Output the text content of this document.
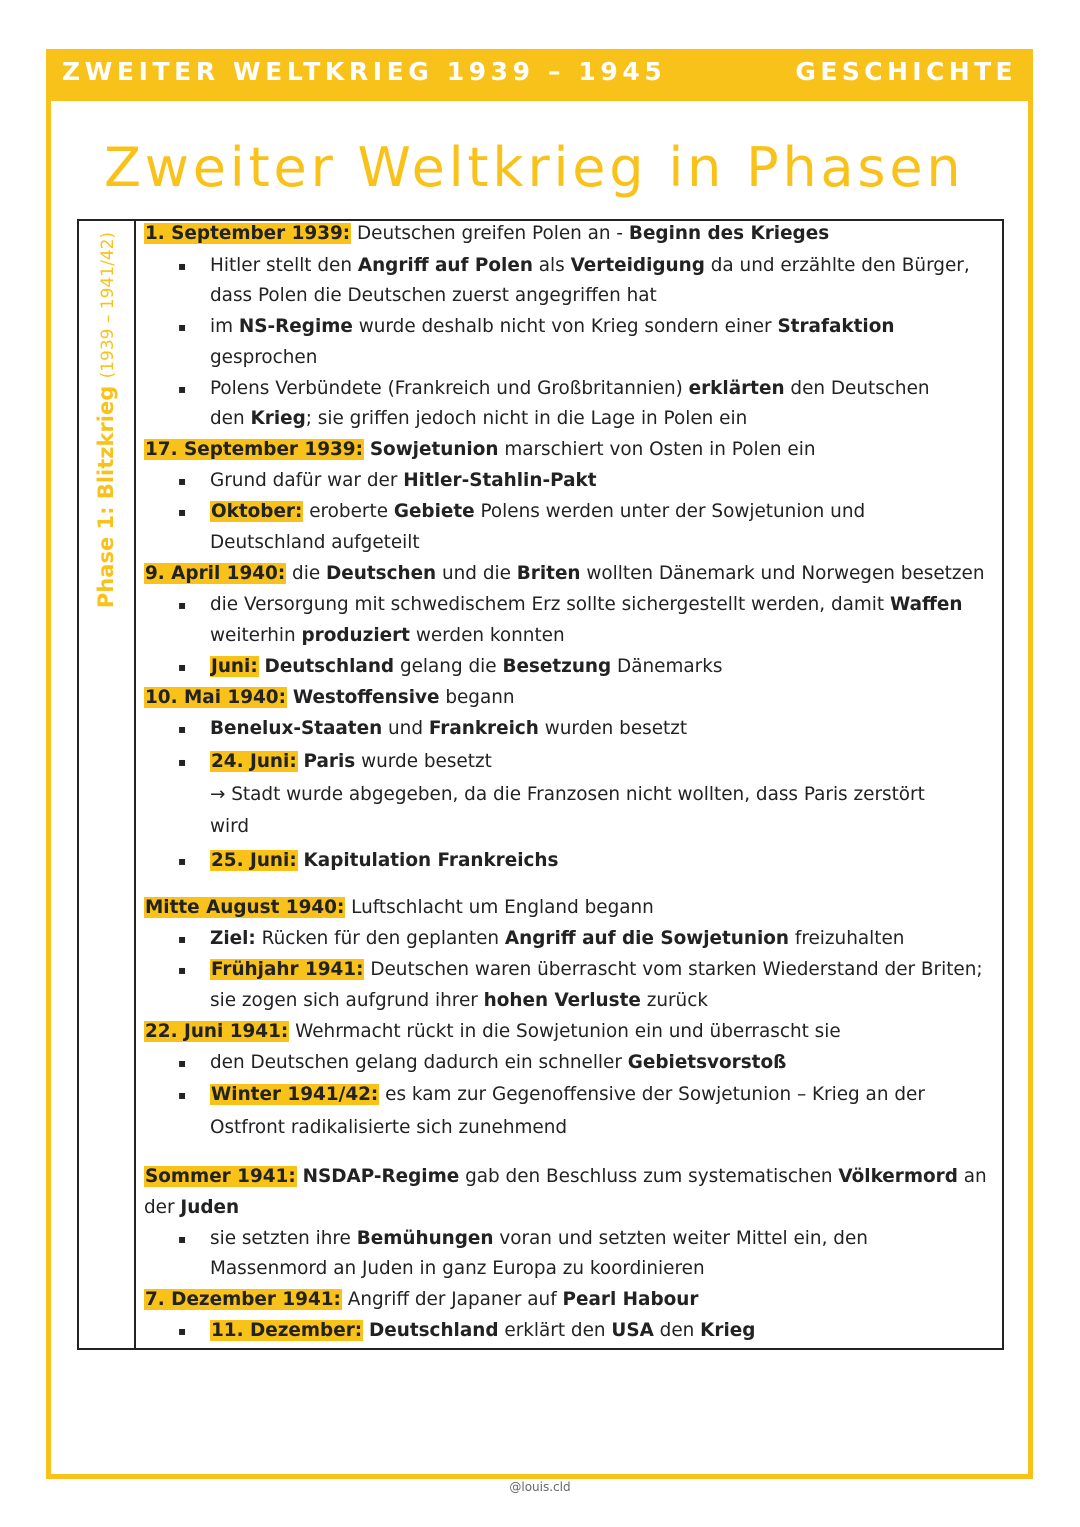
ZWEITER WELTKRIEG 1939 – 1945	GESCHICHTE
Zweiter Weltkrieg in Phasen
Phase 1: Blitzkrieg (1939 – 1941/42) 1. September 1939: Deutschen greifen Polen an - Beginn des Krieges
▪ Hitler stellt den Angriff auf Polen als Verteidigung da und erzählte den Bürger,
dass Polen die Deutschen zuerst angegriffen hat
▪ im NS-Regime wurde deshalb nicht von Krieg sondern einer Strafaktion
gesprochen
▪ Polens Verbündete (Frankreich und Großbritannien) erklärten den Deutschen
den Krieg; sie griffen jedoch nicht in die Lage in Polen ein
17. September 1939: Sowjetunion marschiert von Osten in Polen ein
▪ Grund dafür war der Hitler-Stahlin-Pakt
▪ Oktober: eroberte Gebiete Polens werden unter der Sowjetunion und
Deutschland aufgeteilt
9. April 1940: die Deutschen und die Briten wollten Dänemark und Norwegen besetzen
▪ die Versorgung mit schwedischem Erz sollte sichergestellt werden, damit Waffen
weiterhin produziert werden konnten
▪ Juni: Deutschland gelang die Besetzung Dänemarks
10. Mai 1940: Westoffensive begann
▪ Benelux-Staaten und Frankreich wurden besetzt
▪ 24. Juni: Paris wurde besetzt
→ Stadt wurde abgegeben, da die Franzosen nicht wollten, dass Paris zerstört
wird
▪ 25. Juni: Kapitulation Frankreichs
Mitte August 1940: Luftschlacht um England begann
▪ Ziel: Rücken für den geplanten Angriff auf die Sowjetunion freizuhalten
▪ Frühjahr 1941: Deutschen waren überrascht vom starken Wiederstand der Briten;
sie zogen sich aufgrund ihrer hohen Verluste zurück
22. Juni 1941: Wehrmacht rückt in die Sowjetunion ein und überrascht sie
▪ den Deutschen gelang dadurch ein schneller Gebietsvorstoß
▪ Winter 1941/42: es kam zur Gegenoffensive der Sowjetunion – Krieg an der
Ostfront radikalisierte sich zunehmend
Sommer 1941: NSDAP-Regime gab den Beschluss zum systematischen Völkermord an
der Juden
▪ sie setzten ihre Bemühungen voran und setzten weiter Mittel ein, den
Massenmord an Juden in ganz Europa zu koordinieren
7. Dezember 1941: Angriff der Japaner auf Pearl Habour
▪ 11. Dezember: Deutschland erklärt den USA den Krieg
@louis.cld
